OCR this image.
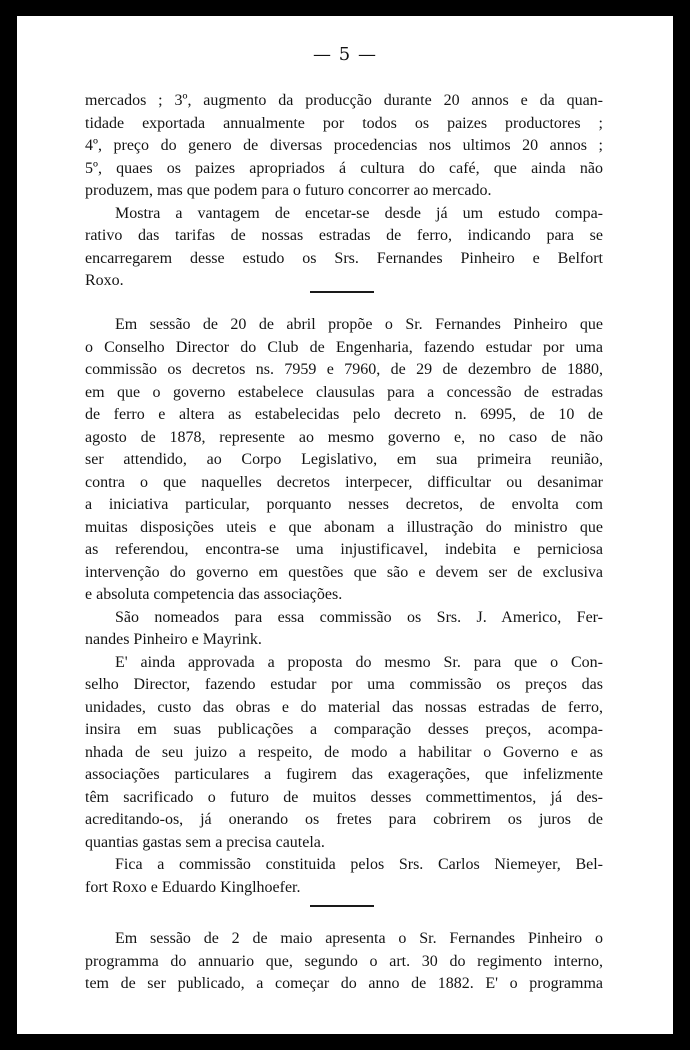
— 5 —
mercados ; 3º, augmento da producção durante 20 annos e da quan-
tidade exportada annualmente por todos os paizes productores ;
4º, preço do genero de diversas procedencias nos ultimos 20 annos ;
5º, quaes os paizes apropriados á cultura do café, que ainda não
produzem, mas que podem para o futuro concorrer ao mercado.
Mostra a vantagem de encetar-se desde já um estudo compa-
rativo das tarifas de nossas estradas de ferro, indicando para se
encarregarem desse estudo os Srs. Fernandes Pinheiro e Belfort
Roxo.
Em sessão de 20 de abril propõe o Sr. Fernandes Pinheiro que
o Conselho Director do Club de Engenharia, fazendo estudar por uma
commissão os decretos ns. 7959 e 7960, de 29 de dezembro de 1880,
em que o governo estabelece clausulas para a concessão de estradas
de ferro e altera as estabelecidas pelo decreto n. 6995, de 10 de
agosto de 1878, represente ao mesmo governo e, no caso de não
ser attendido, ao Corpo Legislativo, em sua primeira reunião,
contra o que naquelles decretos interpecer, difficultar ou desanimar
a iniciativa particular, porquanto nesses decretos, de envolta com
muitas disposições uteis e que abonam a illustração do ministro que
as referendou, encontra-se uma injustificavel, indebita e perniciosa
intervenção do governo em questões que são e devem ser de exclusiva
e absoluta competencia das associações.
São nomeados para essa commissão os Srs. J. Americo, Fer-
nandes Pinheiro e Mayrink.
E' ainda approvada a proposta do mesmo Sr. para que o Con-
selho Director, fazendo estudar por uma commissão os preços das
unidades, custo das obras e do material das nossas estradas de ferro,
insira em suas publicações a comparação desses preços, acompa-
nhada de seu juizo a respeito, de modo a habilitar o Governo e as
associações particulares a fugirem das exagerações, que infelizmente
têm sacrificado o futuro de muitos desses commettimentos, já des-
acreditando-os, já onerando os fretes para cobrirem os juros de
quantias gastas sem a precisa cautela.
Fica a commissão constituida pelos Srs. Carlos Niemeyer, Bel-
fort Roxo e Eduardo Kinglhoefer.
Em sessão de 2 de maio apresenta o Sr. Fernandes Pinheiro o
programma do annuario que, segundo o art. 30 do regimento interno,
tem de ser publicado, a começar do anno de 1882. E' o programma
